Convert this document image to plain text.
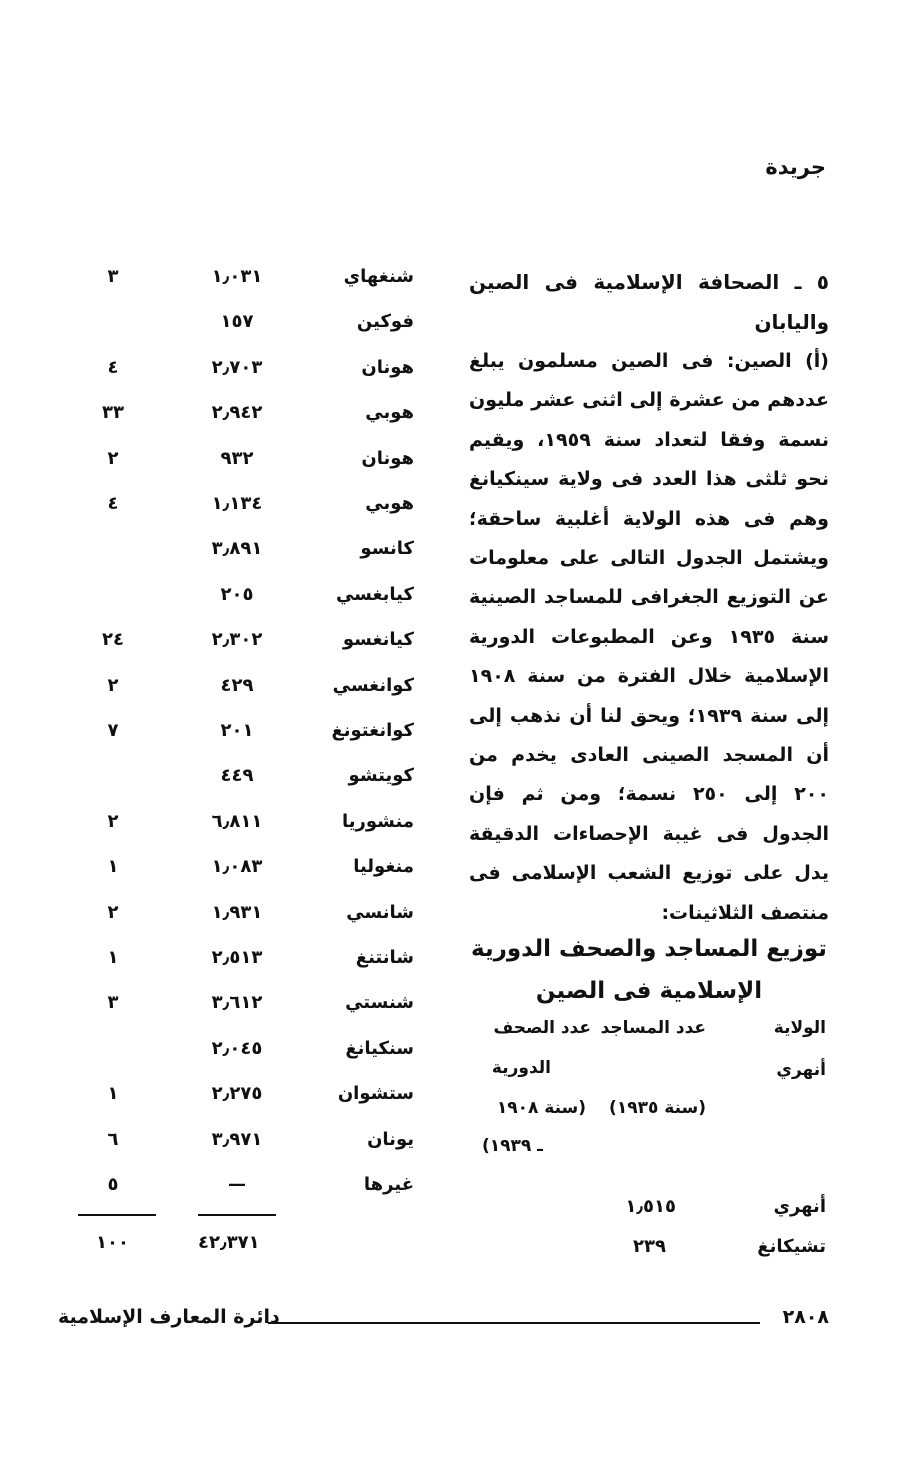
جريدة

٥ ـ الصحافة الإسلامية فى الصين واليابان

(أ) الصين: فى الصين مسلمون يبلغ عددهم من عشرة إلى اثنى عشر مليون نسمة وفقا لتعداد سنة ١٩٥٩، ويقيم نحو ثلثى هذا العدد فى ولاية سينكيانغ وهم فى هذه الولاية أغلبية ساحقة؛ ويشتمل الجدول التالى على معلومات عن التوزيع الجغرافى للمساجد الصينية سنة ١٩٣٥ وعن المطبوعات الدورية الإسلامية خلال الفترة من سنة ١٩٠٨ إلى سنة ١٩٣٩؛ ويحق لنا أن نذهب إلى أن المسجد الصينى العادى يخدم من ٢٠٠ إلى ٢٥٠ نسمة؛ ومن ثم فإن الجدول فى غيبة الإحصاءات الدقيقة يدل على توزيع الشعب الإسلامى فى منتصف الثلاثينات:

توزيع المساجد والصحف الدورية الإسلامية فى الصين
الولاية
أنهري
عدد المساجد
(سنة ١٩٣٥)
عدد الصحف
الدورية
(سنة ١٩٠٨
ـ ١٩٣٩)
أنهري
١٫٥١٥
تشيكانغ
٢٣٩
شنغهاي
١٫٠٣١
٣
فوكين
١٥٧
هونان
٢٫٧٠٣
٤
هوبي
٢٫٩٤٢
٣٣
هونان
٩٣٢
٢
هوبي
١٫١٣٤
٤
كانسو
٣٫٨٩١
كيابغسي
٢٠٥
كيانغسو
٢٫٣٠٢
٢٤
كوانغسي
٤٢٩
٢
كوانغتونغ
٢٠١
٧
كويتشو
٤٤٩
منشوريا
٦٫٨١١
٢
منغوليا
١٫٠٨٣
١
شانسي
١٫٩٣١
٢
شانتنغ
٢٫٥١٣
١
شنستي
٣٫٦١٢
٣
سنكيانغ
٢٫٠٤٥
ستشوان
٢٫٢٧٥
١
يونان
٣٫٩٧١
٦
غيرها
—
٥
٤٢٫٣٧١
١٠٠
٢٨٠٨
دائرة المعارف الإسلامية
